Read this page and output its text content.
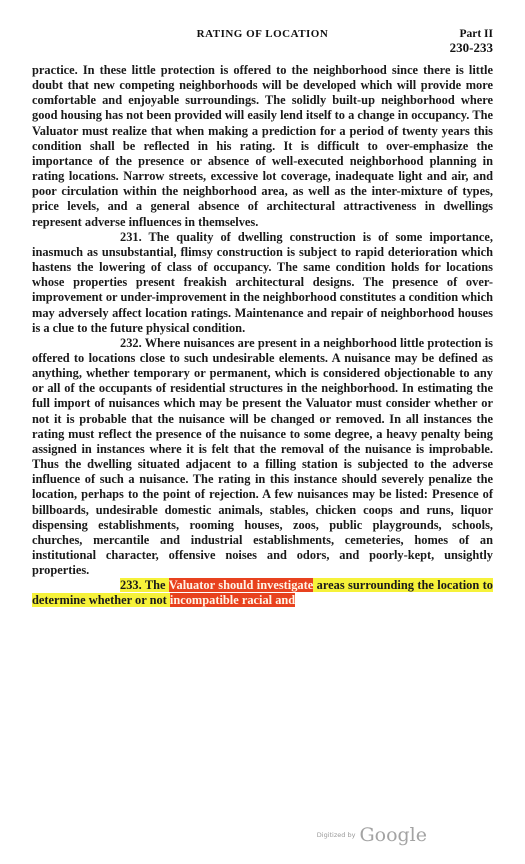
RATING OF LOCATION	Part II
230-233

practice. In these little protection is offered to the neighborhood since there is little doubt that new competing neighborhoods will be developed which will provide more comfortable and enjoyable surroundings. The solidly built-up neighborhood where good housing has not been provided will easily lend itself to a change in occupancy. The Valuator must realize that when making a prediction for a period of twenty years this condition shall be reflected in his rating. It is difficult to over-emphasize the importance of the presence or absence of well-executed neighborhood planning in rating locations. Narrow streets, excessive lot coverage, inadequate light and air, and poor circulation within the neighborhood area, as well as the inter-mixture of types, price levels, and a general absence of architectural attractiveness in dwellings represent adverse influences in themselves.

231. The quality of dwelling construction is of some importance, inasmuch as unsubstantial, flimsy construction is subject to rapid deterioration which hastens the lowering of class of occupancy. The same condition holds for locations whose properties present freakish architectural designs. The presence of over-improvement or under-improvement in the neighborhood constitutes a condition which may adversely affect location ratings. Maintenance and repair of neighborhood houses is a clue to the future physical condition.

232. Where nuisances are present in a neighborhood little protection is offered to locations close to such undesirable elements. A nuisance may be defined as anything, whether temporary or permanent, which is considered objectionable to any or all of the occupants of residential structures in the neighborhood. In estimating the full import of nuisances which may be present the Valuator must consider whether or not it is probable that the nuisance will be changed or removed. In all instances the rating must reflect the presence of the nuisance to some degree, a heavy penalty being assigned in instances where it is felt that the removal of the nuisance is improbable. Thus the dwelling situated adjacent to a filling station is subjected to the adverse influence of such a nuisance. The rating in this instance should severely penalize the location, perhaps to the point of rejection. A few nuisances may be listed: Presence of billboards, undesirable domestic animals, stables, chicken coops and runs, liquor dispensing establishments, rooming houses, zoos, public playgrounds, schools, churches, mercantile and industrial establishments, cemeteries, homes of an institutional character, offensive noises and odors, and poorly-kept, unsightly properties.

233. The Valuator should investigate areas surrounding the location to determine whether or not incompatible racial and

Digitized by Google
